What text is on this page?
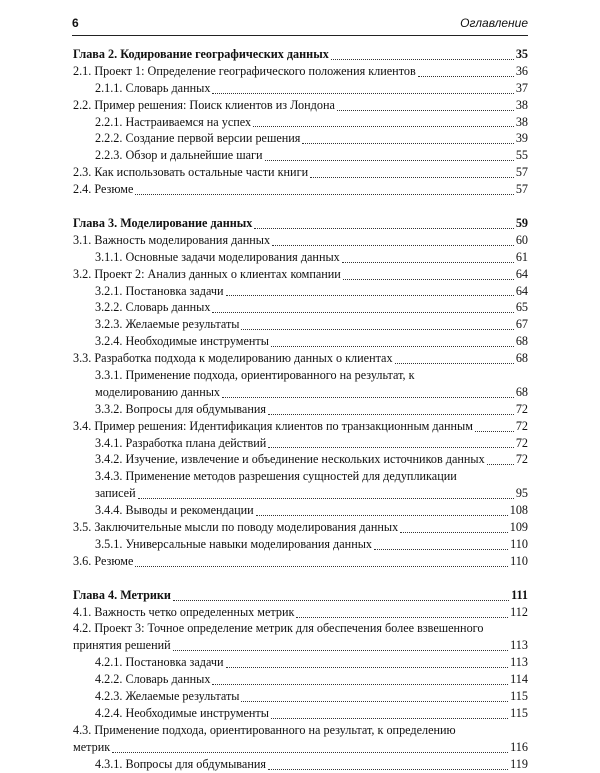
6	Оглавление
Глава 2. Кодирование географических данных	35
2.1. Проект 1: Определение географического положения клиентов	36
2.1.1. Словарь данных	37
2.2. Пример решения: Поиск клиентов из Лондона	38
2.2.1. Настраиваемся на успех	38
2.2.2. Создание первой версии решения	39
2.2.3. Обзор и дальнейшие шаги	55
2.3. Как использовать остальные части книги	57
2.4. Резюме	57
Глава 3. Моделирование данных	59
3.1. Важность моделирования данных	60
3.1.1. Основные задачи моделирования данных	61
3.2. Проект 2: Анализ данных о клиентах компании	64
3.2.1. Постановка задачи	64
3.2.2. Словарь данных	65
3.2.3. Желаемые результаты	67
3.2.4. Необходимые инструменты	68
3.3. Разработка подхода к моделированию данных о клиентах	68
3.3.1. Применение подхода, ориентированного на результат, к
моделированию данных	68
3.3.2. Вопросы для обдумывания	72
3.4. Пример решения: Идентификация клиентов по транзакционным данным	72
3.4.1. Разработка плана действий	72
3.4.2. Изучение, извлечение и объединение нескольких источников данных	72
3.4.3. Применение методов разрешения сущностей для дедупликации
записей	95
3.4.4. Выводы и рекомендации	108
3.5. Заключительные мысли по поводу моделирования данных	109
3.5.1. Универсальные навыки моделирования данных	110
3.6. Резюме	110
Глава 4. Метрики	111
4.1. Важность четко определенных метрик	112
4.2. Проект 3: Точное определение метрик для обеспечения более взвешенного
принятия решений	113
4.2.1. Постановка задачи	113
4.2.2. Словарь данных	114
4.2.3. Желаемые результаты	115
4.2.4. Необходимые инструменты	115
4.3. Применение подхода, ориентированного на результат, к определению
метрик	116
4.3.1. Вопросы для обдумывания	119
